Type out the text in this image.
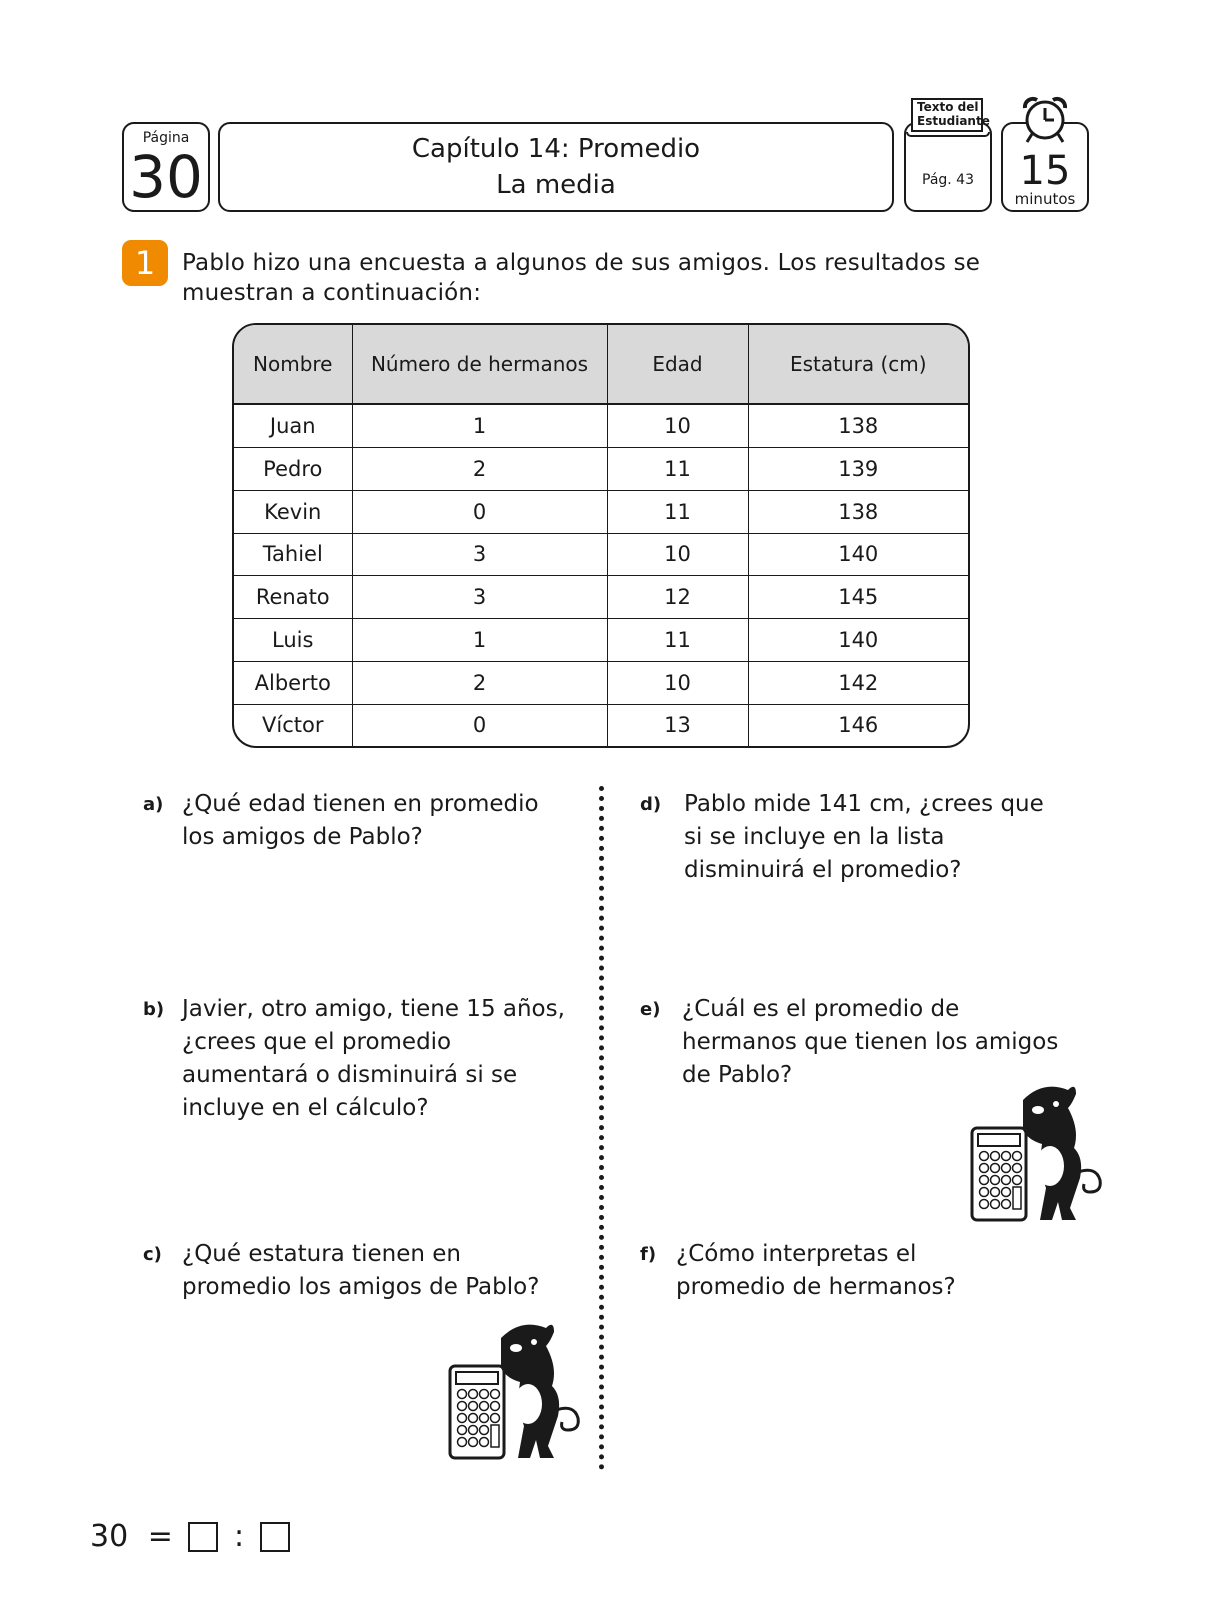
Página
30	Capítulo 14: Promedio
La media	Pág. 43
Texto del Estudiante
15
minutos
1	Pablo hizo una encuesta a algunos de sus amigos. Los resultados se muestran a continuación:
Nombre	Número de hermanos	Edad	Estatura (cm)
Juan	1	10	138
Pedro	2	11	139
Kevin	0	11	138
Tahiel	3	10	140
Renato	3	12	145
Luis	1	11	140
Alberto	2	10	142
Víctor	0	13	146
a) ¿Qué edad tienen en promedio los amigos de Pablo?
b) Javier, otro amigo, tiene 15 años, ¿crees que el promedio aumentará o disminuirá si se incluye en el cálculo?
c) ¿Qué estatura tienen en promedio los amigos de Pablo?
d) Pablo mide 141 cm, ¿crees que si se incluye en la lista disminuirá el promedio?
e) ¿Cuál es el promedio de hermanos que tienen los amigos de Pablo?
f) ¿Cómo interpretas el promedio de hermanos?
30 = :
